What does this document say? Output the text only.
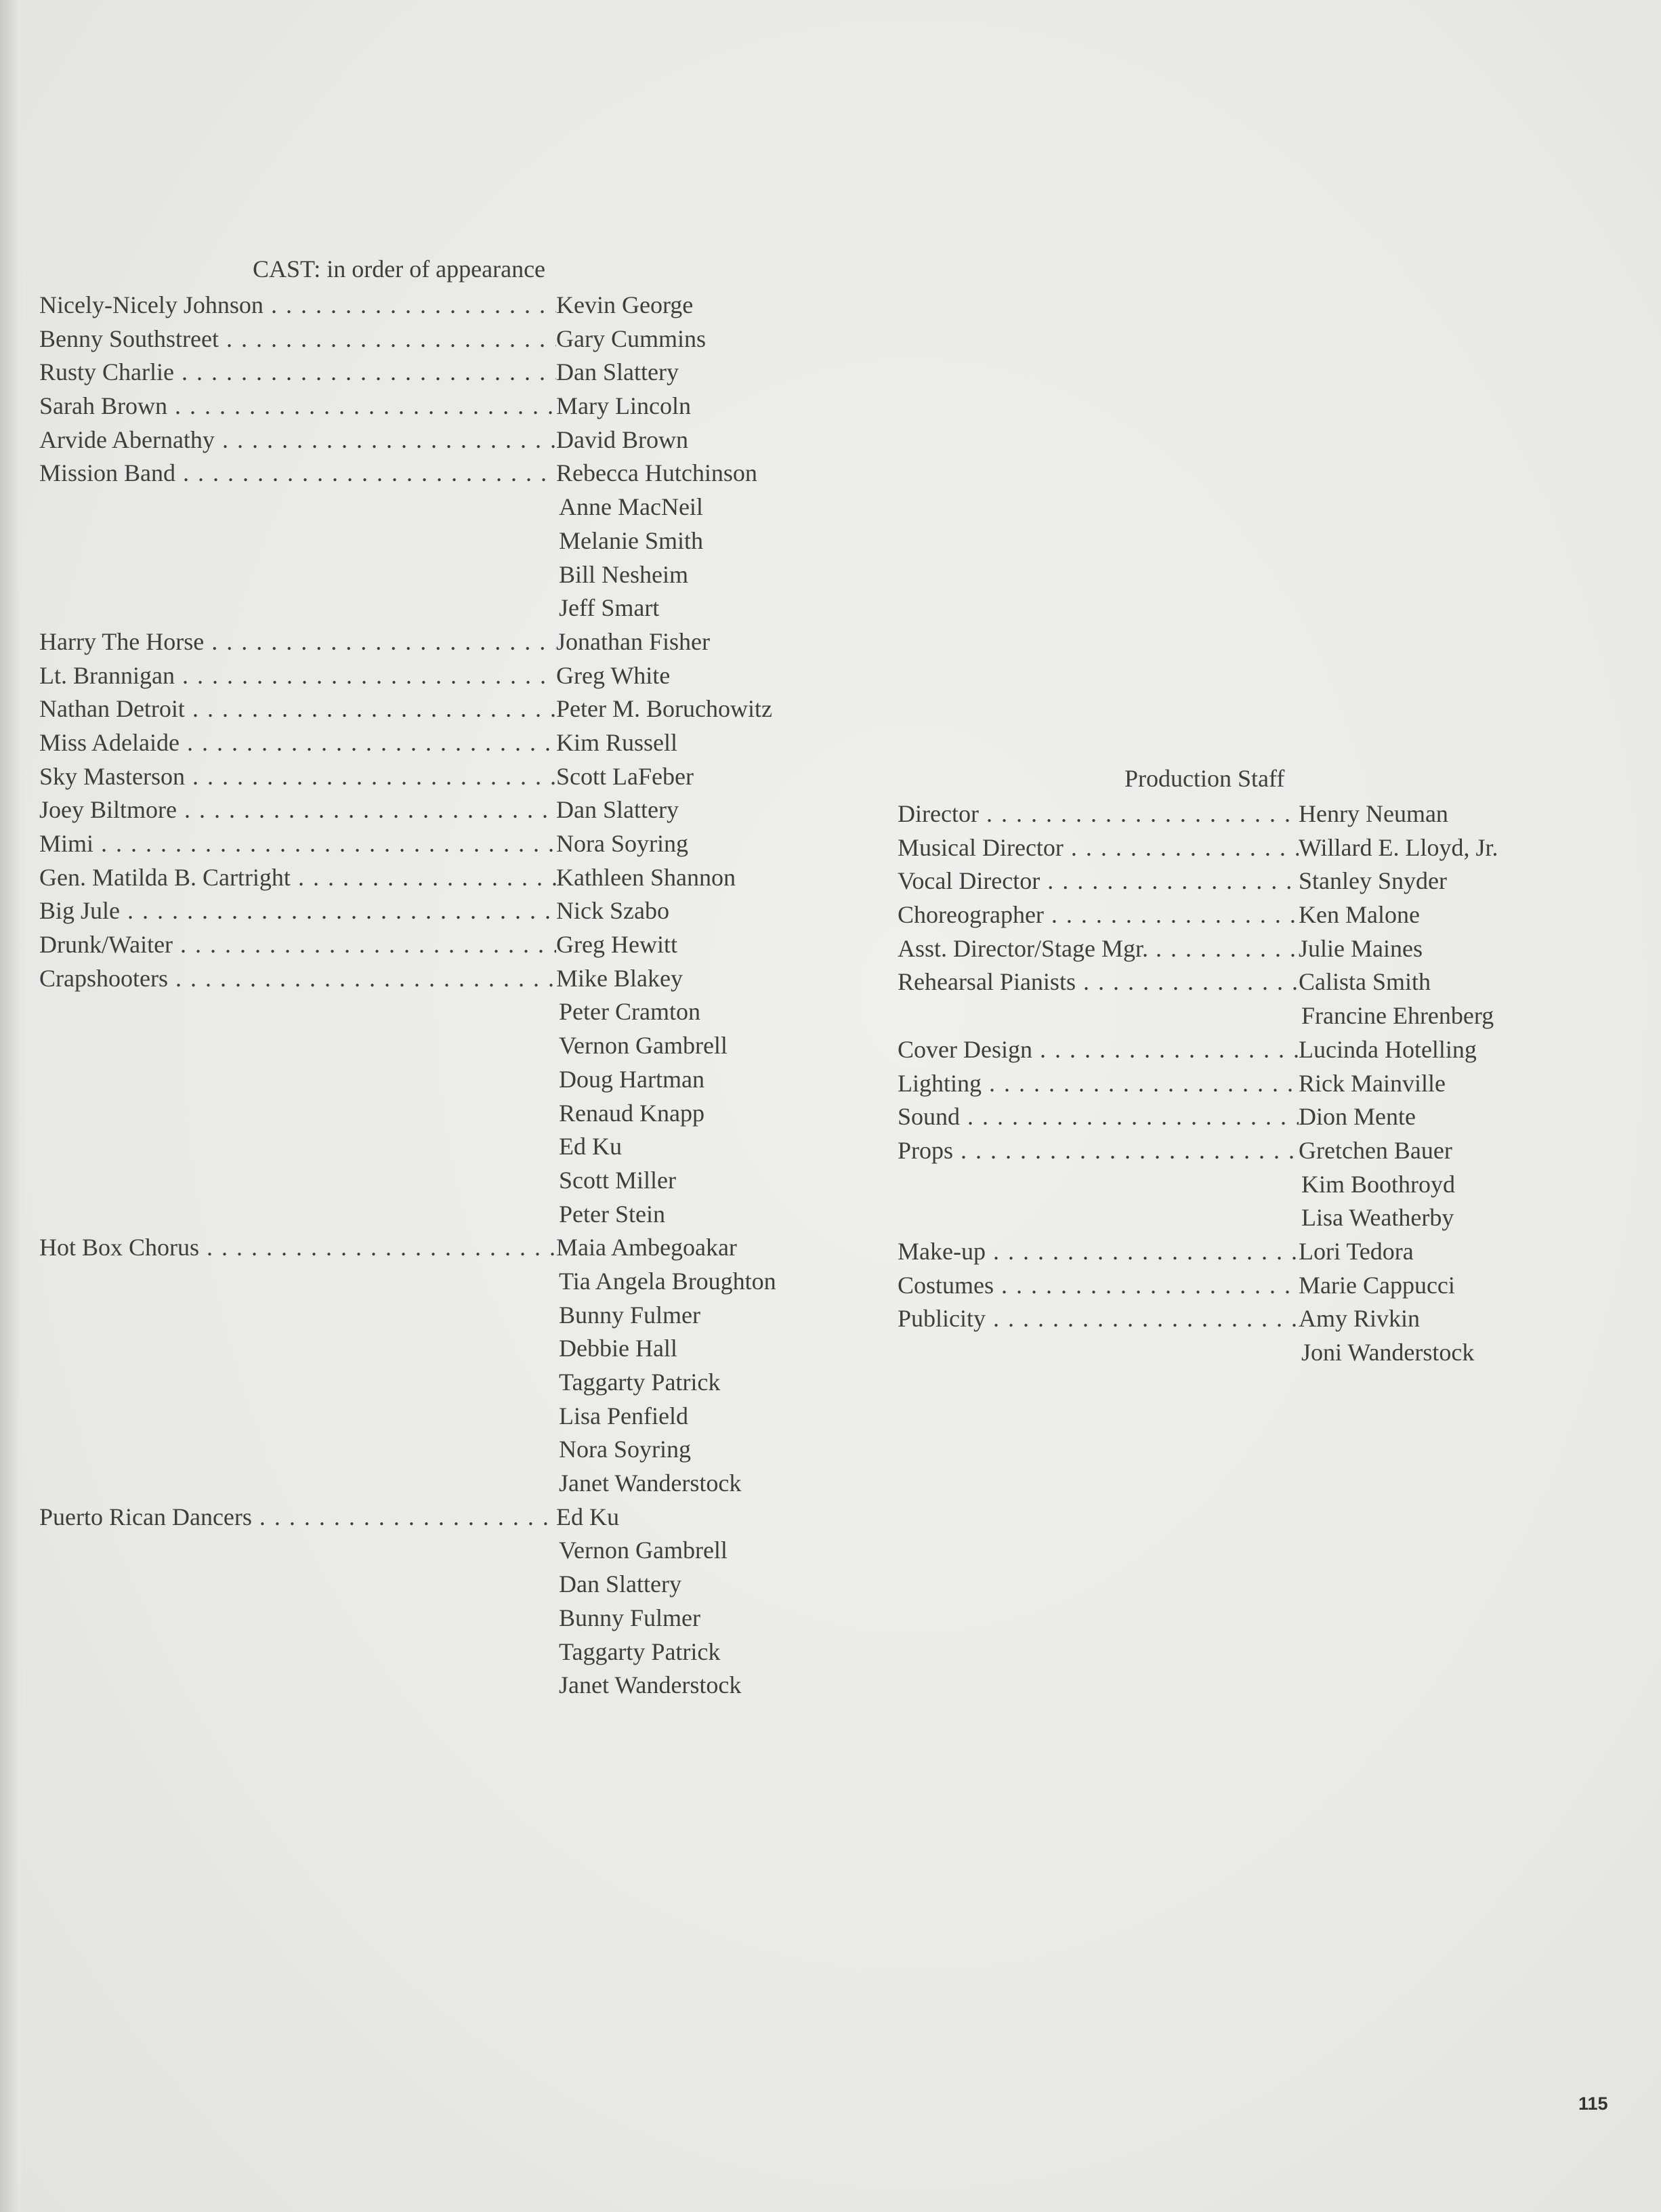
CAST: in order of appearance
Nicely-Nicely Johnson . . .	Kevin George
Benny Southstreet . . .	Gary Cummins
Rusty Charlie . . .	Dan Slattery
Sarah Brown . . .	Mary Lincoln
Arvide Abernathy . . .	David Brown
Mission Band . . .	Rebecca Hutchinson
Anne MacNeil
Melanie Smith
Bill Nesheim
Jeff Smart
Harry The Horse . . .	Jonathan Fisher
Lt. Brannigan . . .	Greg White
Nathan Detroit . . .	Peter M. Boruchowitz
Miss Adelaide . . .	Kim Russell
Sky Masterson . . .	Scott LaFeber
Joey Biltmore . . .	Dan Slattery
Mimi . . .	Nora Soyring
Gen. Matilda B. Cartright . . .	Kathleen Shannon
Big Jule . . .	Nick Szabo
Drunk/Waiter . . .	Greg Hewitt
Crapshooters . . .	Mike Blakey
Peter Cramton
Vernon Gambrell
Doug Hartman
Renaud Knapp
Ed Ku
Scott Miller
Peter Stein
Hot Box Chorus . . .	Maia Ambegoakar
Tia Angela Broughton
Bunny Fulmer
Debbie Hall
Taggarty Patrick
Lisa Penfield
Nora Soyring
Janet Wanderstock
Puerto Rican Dancers . . .	Ed Ku
Vernon Gambrell
Dan Slattery
Bunny Fulmer
Taggarty Patrick
Janet Wanderstock
Production Staff
Director . . .	Henry Neuman
Musical Director . . .	Willard E. Lloyd, Jr.
Vocal Director . . .	Stanley Snyder
Choreographer . . .	Ken Malone
Asst. Director/Stage Mgr. . . .	Julie Maines
Rehearsal Pianists . . .	Calista Smith
Francine Ehrenberg
Cover Design . . .	Lucinda Hotelling
Lighting . . .	Rick Mainville
Sound . . .	Dion Mente
Props . . .	Gretchen Bauer
Kim Boothroyd
Lisa Weatherby
Make-up . . .	Lori Tedora
Costumes . . .	Marie Cappucci
Publicity . . .	Amy Rivkin
Joni Wanderstock
115
